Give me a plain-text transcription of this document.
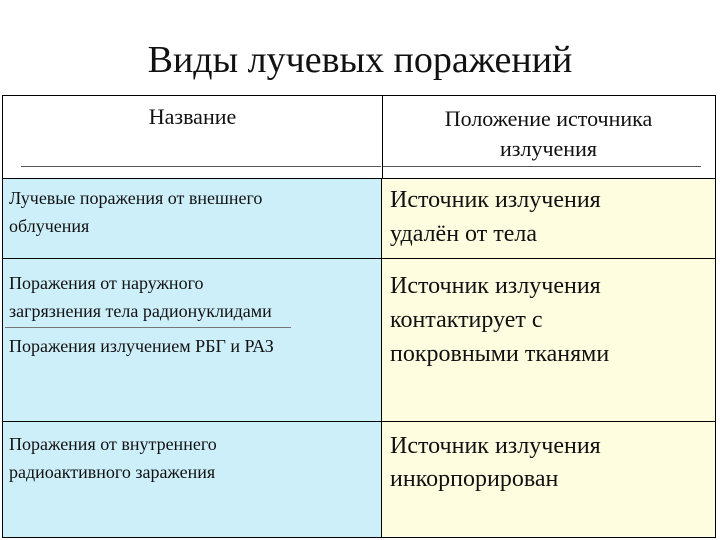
Виды лучевых поражений
Название	Положение источника
излучения
Лучевые поражения от внешнего
облучения
Источник излучения
удалён от тела
Поражения от наружного
загрязнения тела радионуклидами
Поражения излучением РБГ и РАЗ
Источник излучения
контактирует с
покровными тканями
Поражения от внутреннего
радиоактивного заражения
Источник излучения
инкорпорирован
